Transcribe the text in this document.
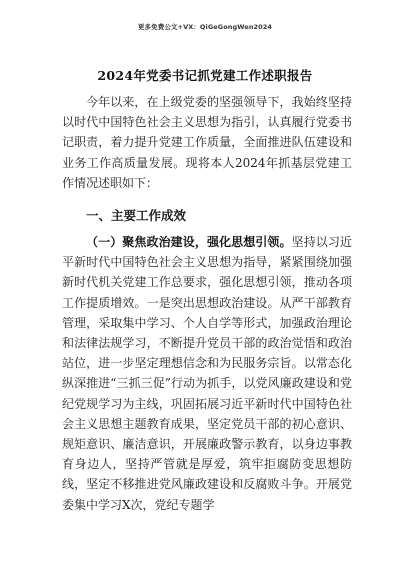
更多免费公文+VX：QiGeGongWen2024
2024年党委书记抓党建工作述职报告
今年以来，在上级党委的坚强领导下，我始终坚持以时代中国特色社会主义思想为指引，认真履行党委书记职责，着力提升党建工作质量，全面推进队伍建设和业务工作高质量发展。现将本人2024年抓基层党建工作情况述职如下：
一、主要工作成效
（一）聚焦政治建设，强化思想引领。坚持以习近平新时代中国特色社会主义思想为指导，紧紧围绕加强新时代机关党建工作总要求，强化思想引领，推动各项工作提质增效。一是突出思想政治建设。从严干部教育管理，采取集中学习、个人自学等形式，加强政治理论和法律法规学习，不断提升党员干部的政治觉悟和政治站位，进一步坚定理想信念和为民服务宗旨。以常态化纵深推进“三抓三促”行动为抓手，以党风廉政建设和党纪党规学习为主线，巩固拓展习近平新时代中国特色社会主义思想主题教育成果，坚定党员干部的初心意识、规矩意识、廉洁意识，开展廉政警示教育，以身边事教育身边人，坚持严管就是厚爱，筑牢拒腐防变思想防线，坚定不移推进党风廉政建设和反腐败斗争。开展党委集中学习X次，党纪专题学
